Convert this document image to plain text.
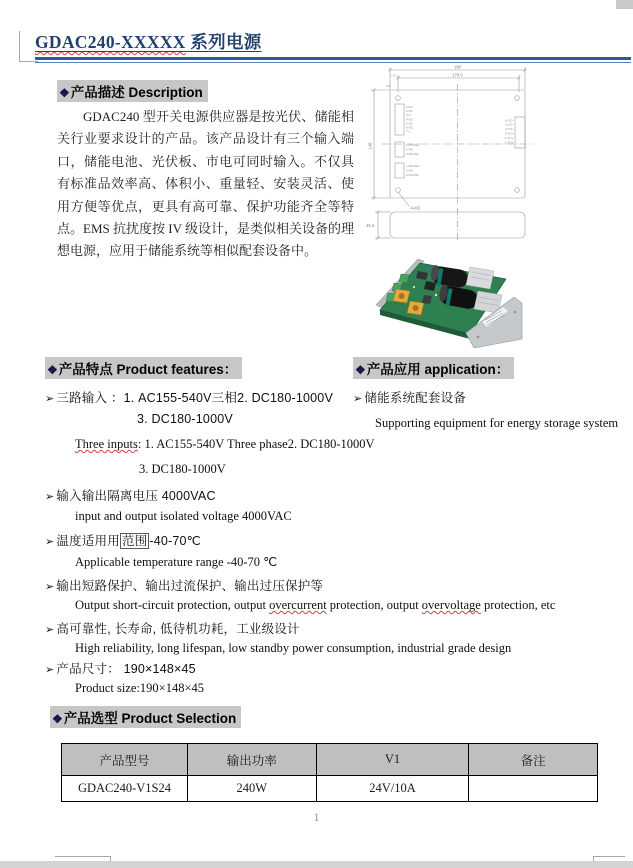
GDAC240-XXXXX 系列电源
❖产品描述 Description

GDAC240 型开关电源供应器是按光伏、储能相关行业要求设计的产品。该产品设计有三个输入端口，储能电池、光伏板、市电可同时输入。不仅具有标准品效率高、体积小、重量轻、安装灵活、使用方便等优点，更具有高可靠、保护功能齐全等特点。EMS 抗扰度按 IV 级设计，是类似相关设备的理想电源，应用于储能系统等相似配套设备中。

190
170.0
7.0
4.5
148
4-M3
45.4
1:FG
2:AC
3:A
4:NC
5:LB
6:NC
7:C
1:DC180+
2:NC
3:DC180-
1:DC180+
2:NC
3:DC180-
6:VO-
5:VO-
4:VO-
3:VO+
2:VO+
1:VO+
❖产品特点 Product features：	❖产品应用 application：
➢ 三路输入 ：1. AC155-540V三相2. DC180-1000V
3. DC180-1000V
Three inputs: 1. AC155-540V Three phase2. DC180-1000V
3. DC180-1000V
➢ 输入输出隔离电压 4000VAC
input and output isolated voltage 4000VAC
➢ 温度适用用 范围 -40-70℃
Applicable temperature range -40-70 ℃
➢ 输出短路保护、输出过流保护、输出过压保护等
Output short-circuit protection, output overcurrent protection, output overvoltage protection, etc
➢ 高可靠性, 长寿命, 低待机功耗，工业级设计
High reliability, long lifespan, low standby power consumption, industrial grade design
➢ 产品尺寸： 190×148×45
Product size:190×148×45
➢ 储能系统配套设备
Supporting equipment for energy storage system
❖产品选型 Product Selection
产品型号	输出功率	V1	备注
GDAC240-V1S24	240W	24V/10A	
1
